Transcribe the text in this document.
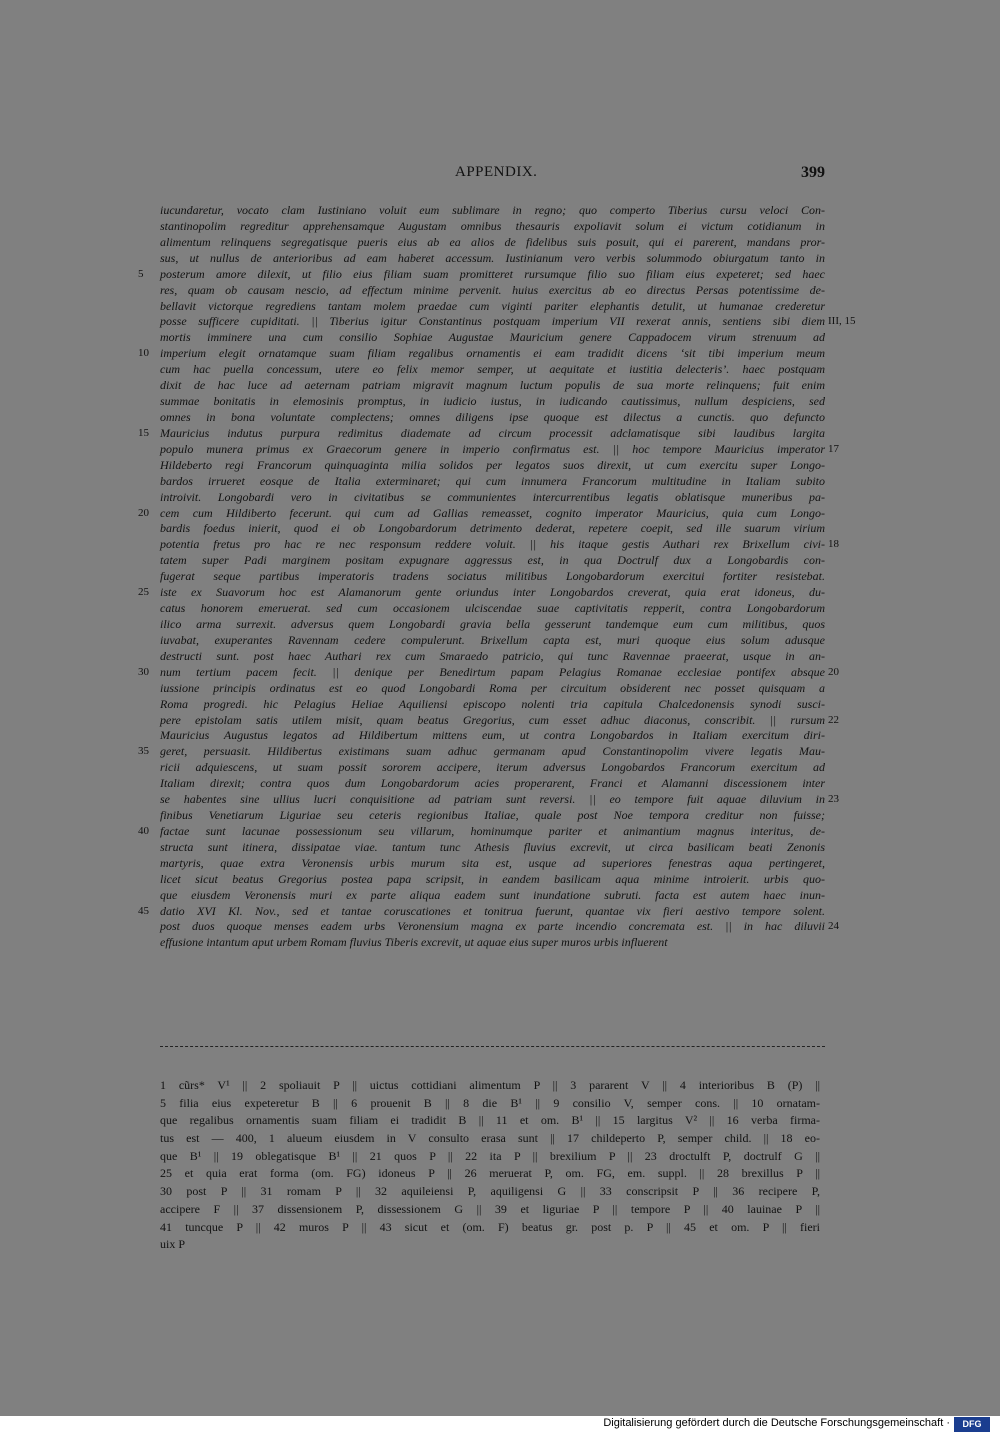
APPENDIX.	399
iucundaretur, vocato clam Iustiniano voluit eum sublimare in regno; quo comperto Tiberius cursu veloci Con-
stantinopolim regreditur apprehensamque Augustam omnibus thesauris expoliavit solum ei victum cotidianum in
alimentum relinquens segregatisque pueris eius ab ea alios de fidelibus suis posuit, qui ei parerent, mandans pror-
sus, ut nullus de anterioribus ad eam haberet accessum. Iustinianum vero verbis solummodo obiurgatum tanto in
5	posterum amore dilexit, ut filio eius filiam suam promitteret rursumque filio suo filiam eius expeteret; sed haec
res, quam ob causam nescio, ad effectum minime pervenit. huius exercitus ab eo directus Persas potentissime de-
bellavit victorque regrediens tantam molem praedae cum viginti pariter elephantis detulit, ut humanae crederetur
posse sufficere cupiditati. || Tiberius igitur Constantinus postquam imperium VII rexerat annis, sentiens sibi diem III, 15
mortis imminere una cum consilio Sophiae Augustae Mauricium genere Cappadocem virum strenuum ad
10 imperium elegit ornatamque suam filiam regalibus ornamentis ei eam tradidit dicens ‘sit tibi imperium meum
cum hac puella concessum, utere eo felix memor semper, ut aequitate et iustitia delecteris’. haec postquam
dixit de hac luce ad aeternam patriam migravit magnum luctum populis de sua morte relinquens; fuit enim
summae bonitatis in elemosinis promptus, in iudicio iustus, in iudicando cautissimus, nullum despiciens, sed
omnes in bona voluntate complectens; omnes diligens ipse quoque est dilectus a cunctis. quo defuncto
15 Mauricius indutus purpura redimitus diademate ad circum processit adclamatisque sibi laudibus largita
populo munera primus ex Graecorum genere in imperio confirmatus est. || hoc tempore Mauricius imperator 17
Hildeberto regi Francorum quinquaginta milia solidos per legatos suos direxit, ut cum exercitu super Longo-
bardos irrueret eosque de Italia exterminaret; qui cum innumera Francorum multitudine in Italiam subito
introivit. Longobardi vero in civitatibus se communientes intercurrentibus legatis oblatisque muneribus pa-
20 cem cum Hildiberto fecerunt. qui cum ad Gallias remeasset, cognito imperator Mauricius, quia cum Longo-
bardis foedus inierit, quod ei ob Longobardorum detrimento dederat, repetere coepit, sed ille suarum virium
potentia fretus pro hac re nec responsum reddere voluit. || his itaque gestis Authari rex Brixellum civi- 18
tatem super Padi marginem positam expugnare aggressus est, in qua Doctrulf dux a Longobardis con-
fugerat seque partibus imperatoris tradens sociatus militibus Longobardorum exercitui fortiter resistebat.
25 iste ex Suavorum hoc est Alamanorum gente oriundus inter Longobardos creverat, quia erat idoneus, du-
catus honorem emeruerat. sed cum occasionem ulciscendae suae captivitatis repperit, contra Longobardorum
ilico arma surrexit. adversus quem Longobardi gravia bella gesserunt tandemque eum cum militibus, quos
iuvabat, exuperantes Ravennam cedere compulerunt. Brixellum capta est, muri quoque eius solum adusque
destructi sunt. post haec Authari rex cum Smaraedo patricio, qui tunc Ravennae praeerat, usque in an-
30 num tertium pacem fecit. || denique per Benedirtum papam Pelagius Romanae ecclesiae pontifex absque 20
iussione principis ordinatus est eo quod Longobardi Roma per circuitum obsiderent nec posset quisquam a
Roma progredi. hic Pelagius Heliae Aquiliensi episcopo nolenti tria capitula Chalcedonensis synodi susci-
pere epistolam satis utilem misit, quam beatus Gregorius, cum esset adhuc diaconus, conscribit. || rursum 22
Mauricius Augustus legatos ad Hildibertum mittens eum, ut contra Longobardos in Italiam exercitum diri-
35 geret, persuasit. Hildibertus existimans suam adhuc germanam apud Constantinopolim vivere legatis Mau-
ricii adquiescens, ut suam possit sororem accipere, iterum adversus Longobardos Francorum exercitum ad
Italiam direxit; contra quos dum Longobardorum acies properarent, Franci et Alamanni discessionem inter
se habentes sine ullius lucri conquisitione ad patriam sunt reversi. || eo tempore fuit aquae diluvium in 23
finibus Venetiarum Liguriae seu ceteris regionibus Italiae, quale post Noe tempora creditur non fuisse;
40 factae sunt lacunae possessionum seu villarum, hominumque pariter et animantium magnus interitus, de-
structa sunt itinera, dissipatae viae. tantum tunc Athesis fluvius excrevit, ut circa basilicam beati Zenonis
martyris, quae extra Veronensis urbis murum sita est, usque ad superiores fenestras aqua pertingeret,
licet sicut beatus Gregorius postea papa scripsit, in eandem basilicam aqua minime introierit. urbis quo-
que eiusdem Veronensis muri ex parte aliqua eadem sunt inundatione subruti. facta est autem haec inun-
45 datio XVI Kl. Nov., sed et tantae coruscationes et tonitrua fuerunt, quantae vix fieri aestivo tempore solent.
post duos quoque menses eadem urbs Veronensium magna ex parte incendio concremata est. || in hac diluvii 24
effusione intantum aput urbem Romam fluvius Tiberis excrevit, ut aquae eius super muros urbis influerent
1 cũrs* V¹ || 2 spoliauit P || uictus cottidiani alimentum P || 3 pararent V || 4 interioribus B (P) ||
5 filia eius expeteretur B || 6 prouenit B || 8 die B¹ || 9 consilio V, semper cons. || 10 ornatam-
que regalibus ornamentis suam filiam ei tradidit B || 11 et om. B¹ || 15 largitus V² || 16 verba firma-
tus est — 400, 1 alueum eiusdem in V consulto erasa sunt || 17 childeperto P, semper child. || 18 eo-
que B¹ || 19 oblegatisque B¹ || 21 quos P || 22 ita P || brexilium P || 23 droctulft P, doctrulf G ||
25 et quia erat forma (om. FG) idoneus P || 26 meruerat P, om. FG, em. suppl. || 28 brexillus P ||
30 post P || 31 romam P || 32 aquileiensi P, aquiligensi G || 33 conscripsit P || 36 recipere P,
accipere F || 37 dissensionem P, dissessionem G || 39 et liguriae P || tempore P || 40 lauinae P ||
41 tuncque P || 42 muros P || 43 sicut et (om. F) beatus gr. post p. P || 45 et om. P || fieri
uix P
Digitalisierung gefördert durch die Deutsche Forschungsgemeinschaft ·	DFG
